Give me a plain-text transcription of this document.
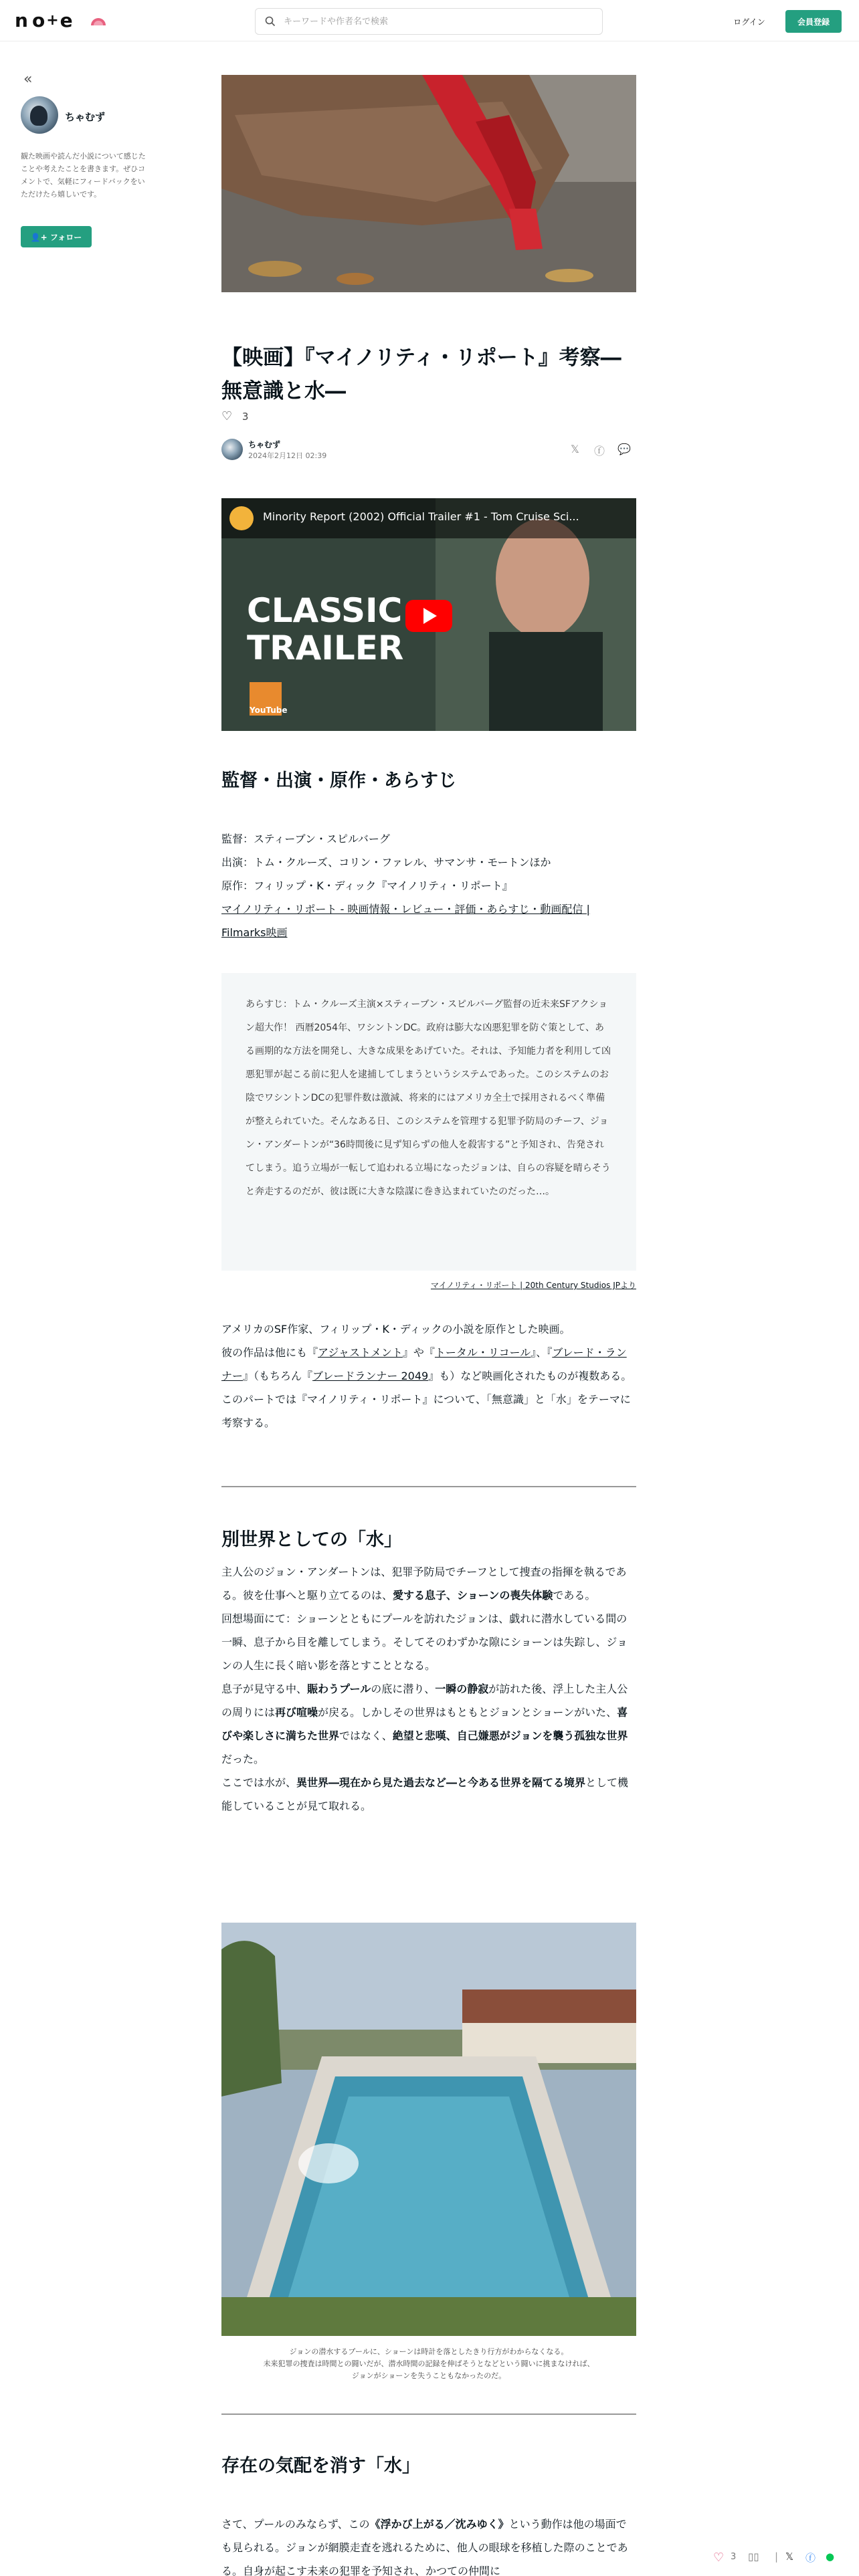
n o+e
キーワードや作者名で検索	ログイン	会員登録
«
ちゃむず
観た映画や読んだ小説について感じたことや考えたことを書きます。ぜひコメントで、気軽にフィードバックをいただけたら嬉しいです。
👤+ フォロー
【映画】『マイノリティ・リポート』考察―無意識と水―
♡ 3
ちゃむず
2024年2月12日 02:39
𝕏 ⓕ 💬
Minority Report (2002) Official Trailer #1 - Tom Cruise Sci...
CLASSIC
TRAILER
YouTube
監督・出演・原作・あらすじ
監督：スティーブン・スピルバーグ
出演：トム・クルーズ、コリン・ファレル、サマンサ・モートンほか
原作：フィリップ・K・ディック『マイノリティ・リポート』
マイノリティ・リポート - 映画情報・レビュー・評価・あらすじ・動画配信 | Filmarks映画
あらすじ：トム・クルーズ主演×スティーブン・スピルバーグ監督の近未来SFアクション超大作！ 西暦2054年、ワシントンDC。政府は膨大な凶悪犯罪を防ぐ策として、ある画期的な方法を開発し、大きな成果をあげていた。それは、予知能力者を利用して凶悪犯罪が起こる前に犯人を逮捕してしまうというシステムであった。このシステムのお陰でワシントンDCの犯罪件数は激減、将来的にはアメリカ全土で採用されるべく準備が整えられていた。そんなある日、このシステムを管理する犯罪予防局のチーフ、ジョン・アンダートンが“36時間後に見ず知らずの他人を殺害する”と予知され、告発されてしまう。追う立場が一転して追われる立場になったジョンは、自らの容疑を晴らそうと奔走するのだが、彼は既に大きな陰謀に巻き込まれていたのだった…。
マイノリティ・リポート | 20th Century Studios JPより
アメリカのSF作家、フィリップ・K・ディックの小説を原作とした映画。
彼の作品は他にも『アジャストメント』や『トータル・リコール』、『ブレード・ランナー』（もちろん『ブレードランナー 2049』も）など映画化されたものが複数ある。
このパートでは『マイノリティ・リポート』について、「無意識」と「水」をテーマに考察する。
別世界としての「水」
主人公のジョン・アンダートンは、犯罪予防局でチーフとして捜査の指揮を執るである。彼を仕事へと駆り立てるのは、愛する息子、ショーンの喪失体験である。
回想場面にて：ショーンとともにプールを訪れたジョンは、戯れに潜水している間の一瞬、息子から目を離してしまう。そしてそのわずかな隙にショーンは失踪し、ジョンの人生に長く暗い影を落とすこととなる。
息子が見守る中、賑わうプールの底に潜り、一瞬の静寂が訪れた後、浮上した主人公の周りには再び喧噪が戻る。しかしその世界はもともとジョンとショーンがいた、喜びや楽しさに満ちた世界ではなく、絶望と悲嘆、自己嫌悪がジョンを襲う孤独な世界だった。
ここでは水が、異世界―現在から見た過去など―と今ある世界を隔てる境界として機能していることが見て取れる。
ジョンの潜水するプールに、ショーンは時計を落としたきり行方がわからなくなる。
未来犯罪の捜査は時間との闘いだが、潜水時間の記録を伸ばそうとなどという闘いに挑まなければ、
ジョンがショーンを失うこともなかったのだ。
存在の気配を消す「水」
さて、プールのみならず、この《浮かび上がる／沈みゆく》という動作は他の場面でも見られる。ジョンが網膜走査を逃れるために、他人の眼球を移植した際のことである。自身が起こす未来の犯罪を予知され、かつての仲間に
♡ 3 ▯▯ | 𝕏 ⓕ ●
